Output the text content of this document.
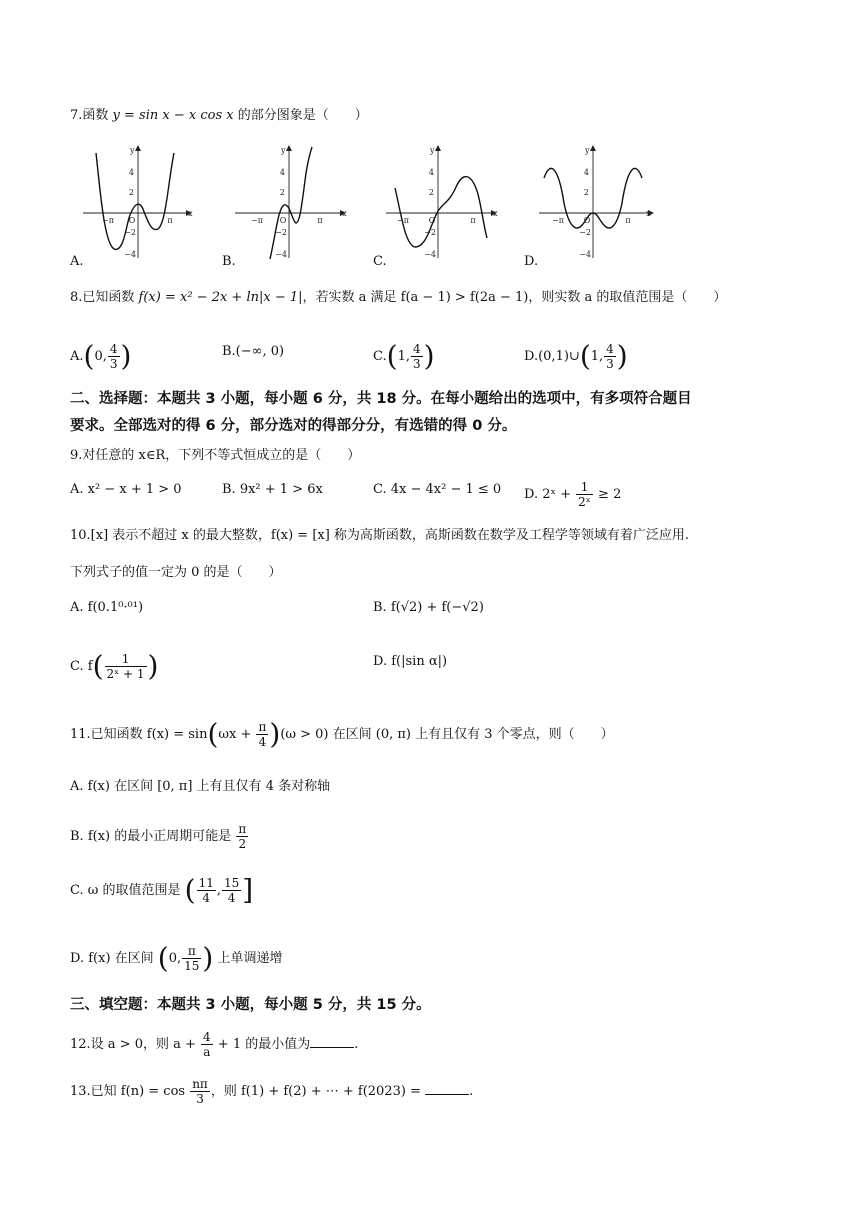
7.函数 y = sin x − x cos x 的部分图象是（　　）
y
x
4
2
−2
−4
−π O	π
A.
y
x
4
2
−2
−4
−π O	π
B.
y
x
4
2
−2
−4
−π O	π
C.
y
x
4
2
−2
−4
−π O	π
D.
8.已知函数 f(x) = x² − 2x + ln|x − 1|，若实数 a 满足 f(a − 1) > f(2a − 1)，则实数 a 的取值范围是（　　）
A.(0, $\frac{4}{3}$ )	B.(−∞, 0)	C.(1, $\frac{4}{3}$ )	D.(0,1)∪(1, $\frac{4}{3}$ )
二、选择题：本题共 3 小题，每小题 6 分，共 18 分。在每小题给出的选项中，有多项符合题目
要求。全部选对的得 6 分，部分选对的得部分分，有选错的得 0 分。
9.对任意的 x∈R，下列不等式恒成立的是（　　）
A. x² − x + 1 > 0	B. 9x² + 1 > 6x	C. 4x − 4x² − 1 ≤ 0 D. 2ˣ + $\frac{1}{\text{2ˣ}} \ge 2$
10.[x] 表示不超过 x 的最大整数，f(x) = [x] 称为高斯函数，高斯函数在数学及工程学等领域有着广泛应用.
下列式子的值一定为 0 的是（　　）
A. f(0.1⁰·⁰¹)	B. f(√2) + f(−√2)
C. $f( \frac{1}{\text{2ˣ + 1}}$ )	D. f(|sin α|)
11.已知函数 $f(x) = \sin(\omega x + \frac{\pi}{4} )(\omega > 0)$ 在区间 (0, π) 上有且仅有 3 个零点，则（　　）
A. f(x) 在区间 [0, π] 上有且仅有 4 条对称轴
B. f(x) 的最小正周期可能是 $\frac{\pi}{2}$
C. ω 的取值范围是 ( $\frac{11}{4}$ , $\frac{15}{4}$ ]
D. f(x) 在区间 (0, $\frac{\pi}{15}$ ) 上单调递增
三、填空题：本题共 3 小题，每小题 5 分，共 15 分。
12.设 a > 0，则 $a + \frac{4}{a} + 1$ 的最小值为	.
13.已知 $f(n) = \cos \frac{n\pi}{3}$ ，则 f(1) + f(2) + ⋯ + f(2023) =	.
